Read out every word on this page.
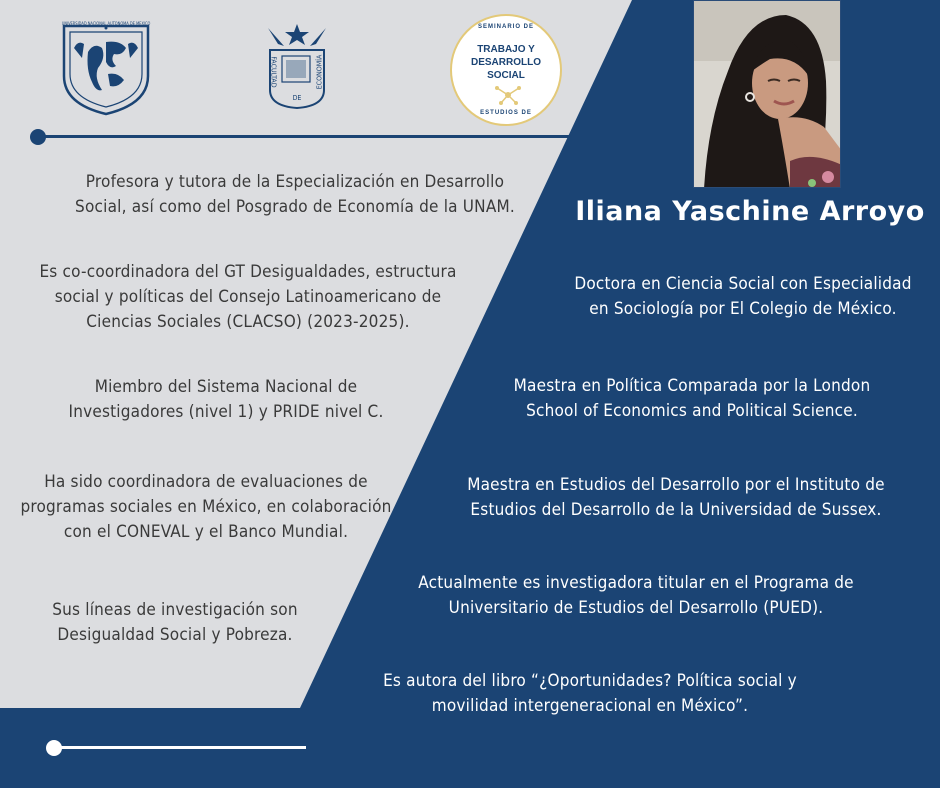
UNIVERSIDAD NACIONAL AUTONOMA DE MEXICO
FACULTAD
DE
ECONOMÍA
SEMINARIO DE
TRABAJO Y
DESARROLLO
SOCIAL
ESTUDIOS DE
Iliana Yaschine Arroyo
Profesora y tutora de la Especialización en Desarrollo
Social, así como del Posgrado de Economía de la UNAM.
Es co-coordinadora del GT Desigualdades, estructura
social y políticas del Consejo Latinoamericano de
Ciencias Sociales (CLACSO) (2023-2025).
Miembro del Sistema Nacional de
Investigadores (nivel 1) y PRIDE nivel C.
Ha sido coordinadora de evaluaciones de
programas sociales en México, en colaboración
con el CONEVAL y el Banco Mundial.
Sus líneas de investigación son
Desigualdad Social y Pobreza.
Doctora en Ciencia Social con Especialidad
en Sociología por El Colegio de México.
Maestra en Política Comparada por la London
School of Economics and Political Science.
Maestra en Estudios del Desarrollo por el Instituto de
Estudios del Desarrollo de la Universidad de Sussex.
Actualmente es investigadora titular en el Programa de
Universitario de Estudios del Desarrollo (PUED).
Es autora del libro “¿Oportunidades? Política social y
movilidad intergeneracional en México”.
